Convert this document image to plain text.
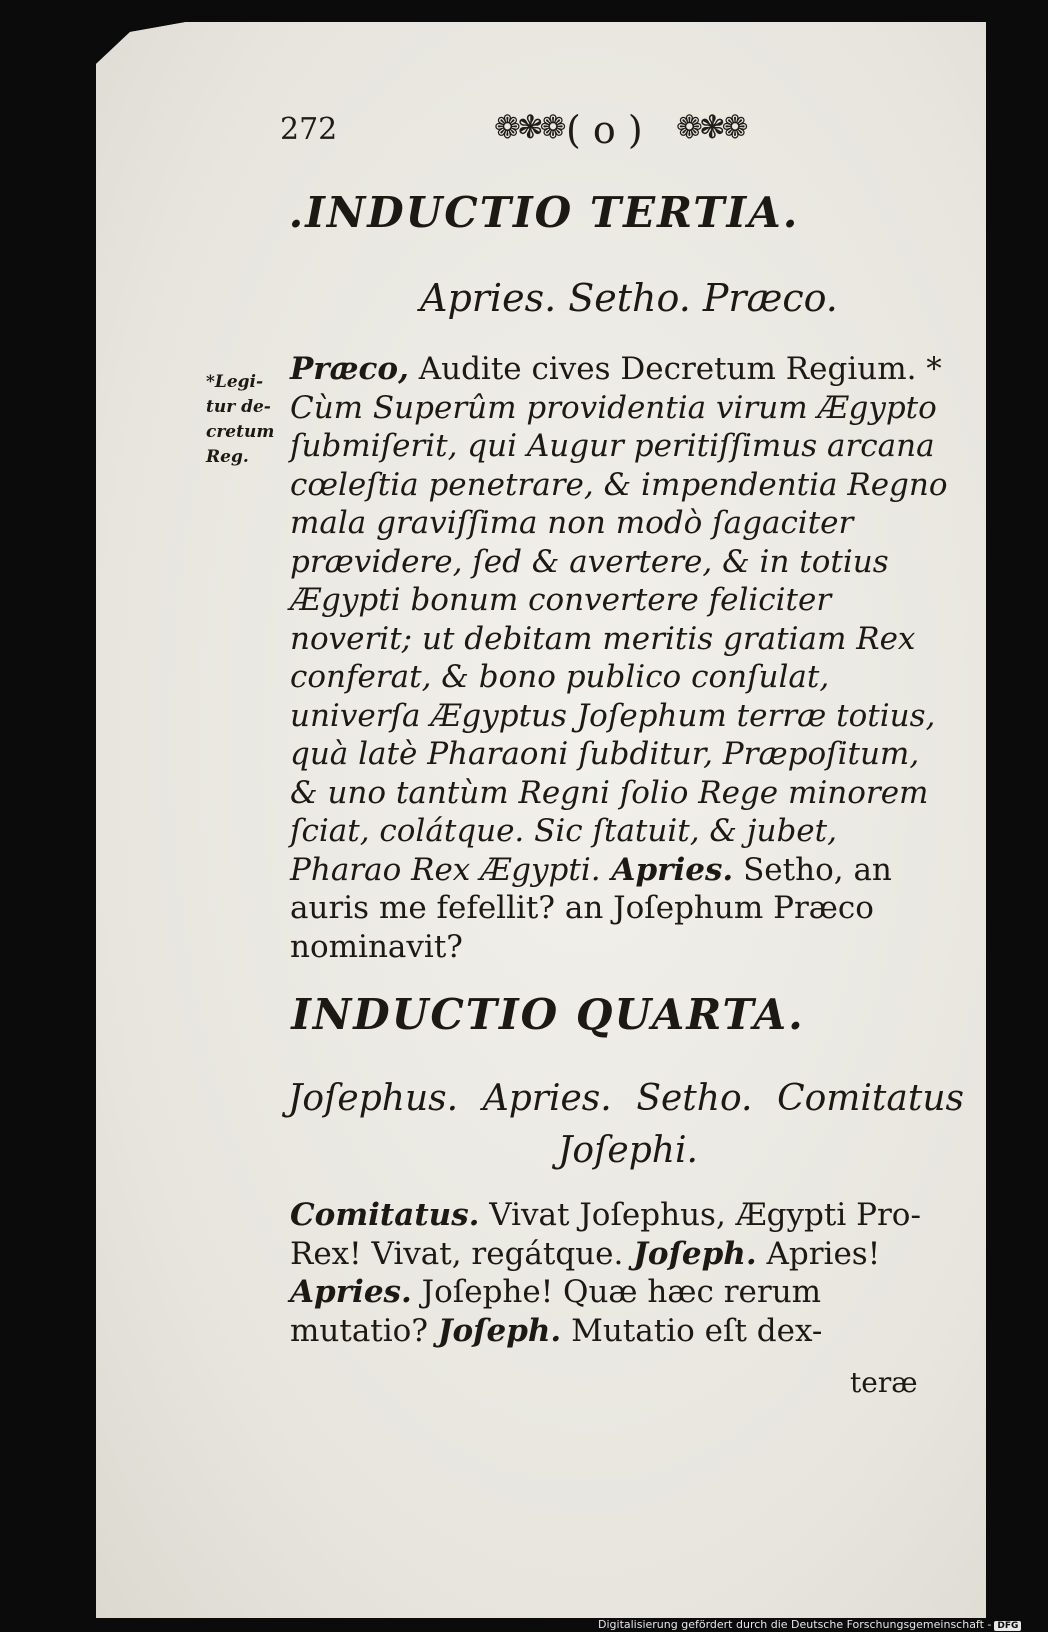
272	❁❃❁ ( o ) ❁❃❁
.INDUCTIO TERTIA.
Apries. Setho. Præco.
*Legi-
tur de-
cretum
Reg.

Præco, Audite cives Decretum Regium. * Cùm Superûm providentia virum Ægypto ſubmiſerit, qui Augur peritiſſimus arcana cœleſtia penetrare, & impendentia Regno mala graviſſima non modò ſagaciter prævidere, ſed & avertere, & in totius Ægypti bonum convertere feliciter noverit; ut debitam meritis gratiam Rex conferat, & bono publico conſulat, univerſa Ægyptus Joſephum terræ totius, quà latè Pharaoni ſubditur, Præpoſitum, & uno tantùm Regni ſolio Rege minorem ſciat, colátque. Sic ſtatuit, & jubet, Pharao Rex Ægypti. Apries. Setho, an auris me fefellit? an Joſephum Præco nominavit?

INDUCTIO QUARTA.
Joſephus. Apries. Setho. Comitatus
Joſephi.

Comitatus. Vivat Joſephus, Ægypti Pro-Rex! Vivat, regátque. Joſeph. Apries! Apries. Joſephe! Quæ hæc rerum mutatio? Joſeph. Mutatio eſt dex-

teræ
Digitalisierung gefördert durch die Deutsche Forschungsgemeinschaft - DFG
